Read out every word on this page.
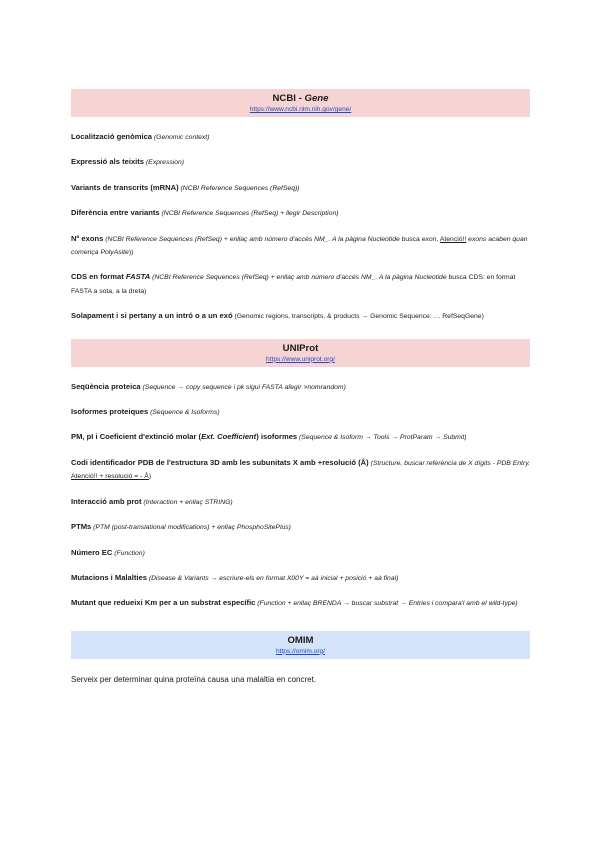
NCBI - Gene
https://www.ncbi.nlm.nih.gov/gene/

Localització genòmica (Genomic context)

Expressió als teixits (Expression)

Variants de transcrits (mRNA) (NCBI Reference Sequences (RefSeq))

Diferència entre variants (NCBI Reference Sequences (RefSeq) + llegir Description)

Nº exons (NCBI Reference Sequences (RefSeq) + enllaç amb número d'accés NM_. A la pàgina Nucleotide busca exon, Atenció!! exons acaben quan comença PolyAsite))

CDS en format FASTA (NCBI Reference Sequences (RefSeq) + enllaç amb número d'accés NM_. A la pàgina Nucleotide busca CDS: en format FASTA a sota, a la dreta)

Solapament i si pertany a un intró o a un exó (Genomic regions, transcripts, & products → Genomic Sequence: … RefSeqGene)

UNIProt
https://www.uniprot.org/

Seqüència proteica (Sequence → copy sequence i pk sigui FASTA afegir >nomrandom)

Isoformes proteiques (Sequence & Isoforms)

PM, pI i Coeficient d'extinció molar (Ext. Coefficient) isoformes (Sequence & Isoform → Tools → ProtParam → Submit)

Codi identificador PDB de l'estructura 3D amb les subunitats X amb +resolució (Å) (Structure, buscar referència de X dígits - PDB Entry. Atenció!! + resolució = - Å)

Interacció amb prot (Interaction + enllaç STRING)

PTMs (PTM (post-translational modifications) + enllaç PhosphoSitePlus)

Número EC (Function)

Mutacions i Malalties (Disease & Variants → escriure-els en format X00Y = aà inicial + posició + aà final)

Mutant que redueixi Km per a un substrat específic (Function + enllaç BRENDA → buscar substrat → Entries i compara'l amb el wild-type)

OMIM
https://omim.org/

Serveix per determinar quina proteïna causa una malaltia en concret.
